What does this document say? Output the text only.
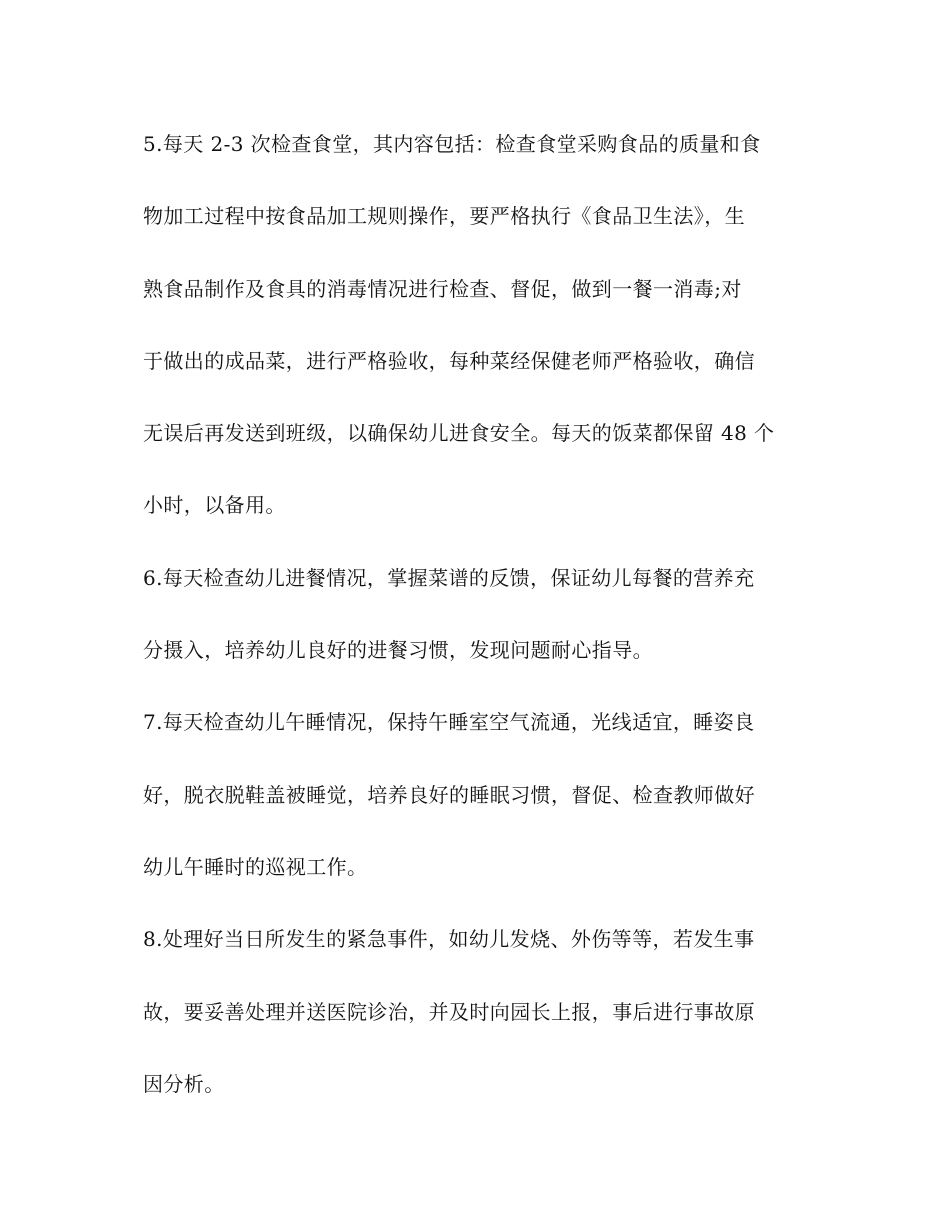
5.每天 2-3 次检查食堂，其内容包括：检查食堂采购食品的质量和食
物加工过程中按食品加工规则操作，要严格执行《食品卫生法》，生
熟食品制作及食具的消毒情况进行检查、督促，做到一餐一消毒;对
于做出的成品菜，进行严格验收，每种菜经保健老师严格验收，确信
无误后再发送到班级，以确保幼儿进食安全。每天的饭菜都保留 48 个
小时，以备用。
6.每天检查幼儿进餐情况，掌握菜谱的反馈，保证幼儿每餐的营养充
分摄入，培养幼儿良好的进餐习惯，发现问题耐心指导。
7.每天检查幼儿午睡情况，保持午睡室空气流通，光线适宜，睡姿良
好，脱衣脱鞋盖被睡觉，培养良好的睡眠习惯，督促、检查教师做好
幼儿午睡时的巡视工作。
8.处理好当日所发生的紧急事件，如幼儿发烧、外伤等等，若发生事
故，要妥善处理并送医院诊治，并及时向园长上报，事后进行事故原
因分析。
